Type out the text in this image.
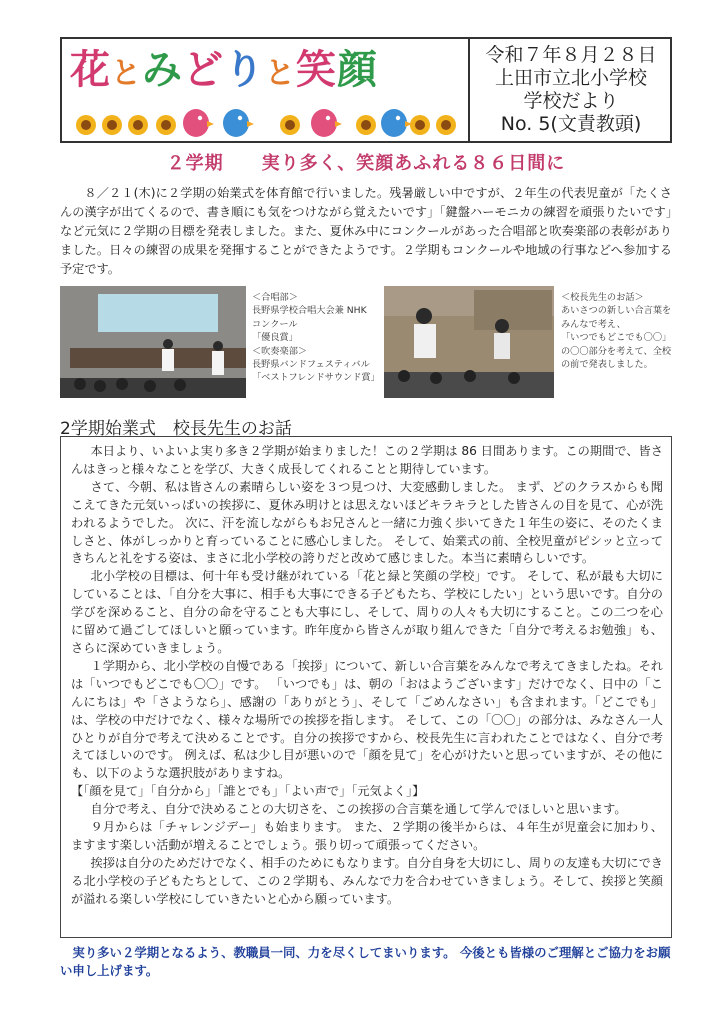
花とみどりと笑顔	令和７年８月２８日
上田市立北小学校
学校だより
No. 5(文責教頭)
２学期　　実り多く、笑顔あふれる８６日間に

８／２１(木)に２学期の始業式を体育館で行いました。残暑厳しい中ですが、２年生の代表児童が「たくさんの漢字が出てくるので、書き順にも気をつけながら覚えたいです」「鍵盤ハーモニカの練習を頑張りたいです」など元気に２学期の目標を発表しました。また、夏休み中にコンクールがあった合唱部と吹奏楽部の表彰がありました。日々の練習の成果を発揮することができたようです。２学期もコンクールや地域の行事などへ参加する予定です。

＜合唱部＞
長野県学校合唱大会兼 NHK
コンクール
「優良賞」
＜吹奏楽部＞
長野県バンドフェスティバル
「ベストフレンドサウンド賞」
＜校長先生のお話＞
あいさつの新しい合言葉を
みんなで考え、
「いつでもどこでも〇〇」
の〇〇部分を考えて、全校
の前で発表しました。
2学期始業式　校長先生のお話

本日より、いよいよ実り多き２学期が始まりました！この２学期は 86 日間あります。この期間で、皆さんはきっと様々なことを学び、大きく成長してくれることと期待しています。

さて、今朝、私は皆さんの素晴らしい姿を３つ見つけ、大変感動しました。 まず、どのクラスからも聞こえてきた元気いっぱいの挨拶に、夏休み明けとは思えないほどキラキラとした皆さんの目を見て、心が洗われるようでした。 次に、汗を流しながらもお兄さんと一緒に力強く歩いてきた１年生の姿に、そのたくましさと、体がしっかりと育っていることに感心しました。 そして、始業式の前、全校児童がピシッと立ってきちんと礼をする姿は、まさに北小学校の誇りだと改めて感じました。本当に素晴らしいです。

北小学校の目標は、何十年も受け継がれている「花と緑と笑顔の学校」です。 そして、私が最も大切にしていることは、「自分を大事に、相手も大事にできる子どもたち、学校にしたい」という思いです。自分の学びを深めること、自分の命を守ることも大事にし、そして、周りの人々も大切にすること。この二つを心に留めて過ごしてほしいと願っています。昨年度から皆さんが取り組んできた「自分で考えるお勉強」も、さらに深めていきましょう。

１学期から、北小学校の自慢である「挨拶」について、新しい合言葉をみんなで考えてきましたね。それは「いつでもどこでも〇〇」です。 「いつでも」は、朝の「おはようございます」だけでなく、日中の「こんにちは」や「さようなら」、感謝の「ありがとう」、そして「ごめんなさい」も含まれます。「どこでも」は、学校の中だけでなく、様々な場所での挨拶を指します。 そして、この「〇〇」の部分は、みなさん一人ひとりが自分で考えて決めることです。自分の挨拶ですから、校長先生に言われたことではなく、自分で考えてほしいのです。 例えば、私は少し目が悪いので「顔を見て」を心がけたいと思っていますが、その他にも、以下のような選択肢がありますね。

【「顔を見て」「自分から」「誰とでも」「よい声で」「元気よく」】

自分で考え、自分で決めることの大切さを、この挨拶の合言葉を通して学んでほしいと思います。

９月からは「チャレンジデー」も始まります。 また、２学期の後半からは、４年生が児童会に加わり、ますます楽しい活動が増えることでしょう。張り切って頑張ってください。

挨拶は自分のためだけでなく、相手のためにもなります。自分自身を大切にし、周りの友達も大切にできる北小学校の子どもたちとして、この２学期も、みんなで力を合わせていきましょう。そして、挨拶と笑顔が溢れる楽しい学校にしていきたいと心から願っています。

実り多い２学期となるよう、教職員一同、力を尽くしてまいります。 今後とも皆様のご理解とご協力をお願い申し上げます。
